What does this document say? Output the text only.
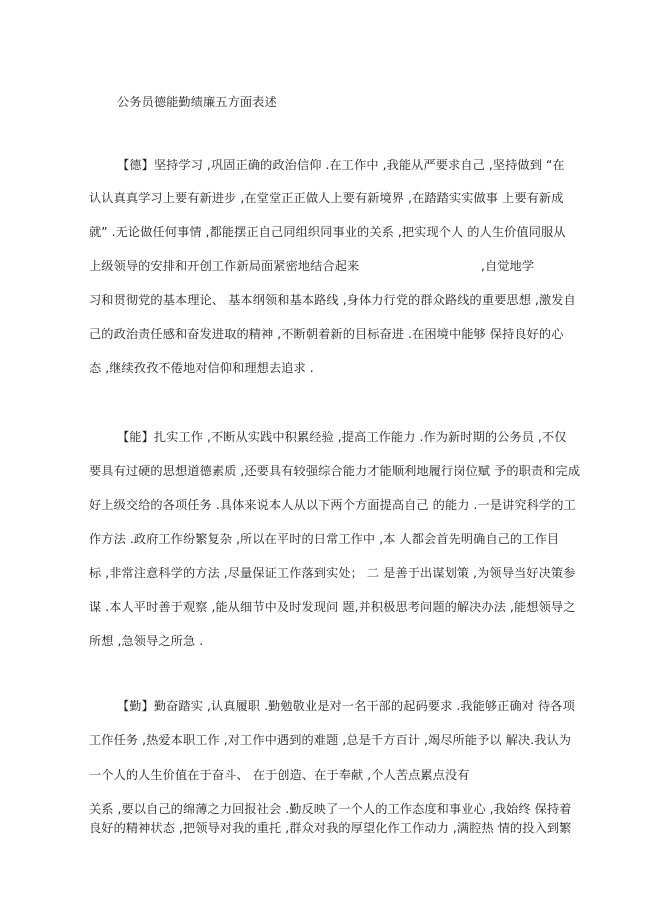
公务员德能勤绩廉五方面表述
【德】坚持学习 ,巩固正确的政治信仰 .在工作中 ,我能从严要求自己 ,坚持做到 “在
认认真真学习上要有新进步 ,在堂堂正正做人上要有新境界 ,在踏踏实实做事 上要有新成
就” .无论做任何事情 ,都能摆正自己同组织同事业的关系 ,把实现个人 的人生价值同服从
上级领导的安排和开创工作新局面紧密地结合起来	,自觉地学
习和贯彻党的基本理论、 基本纲领和基本路线 ,身体力行党的群众路线的重要思想 ,激发自
己的政治责任感和奋发进取的精神 ,不断朝着新的目标奋进 .在困境中能够 保持良好的心
态 ,继续孜孜不倦地对信仰和理想去追求 .
【能】扎实工作 ,不断从实践中积累经验 ,提高工作能力 .作为新时期的公务员 ,不仅
要具有过硬的思想道德素质 ,还要具有较强综合能力才能顺利地履行岗位赋 予的职责和完成
好上级交给的各项任务 .具体来说本人从以下两个方面提高自己 的能力 .一是讲究科学的工
作方法 .政府工作纷繁复杂 ,所以在平时的日常工作中 ,本 人都会首先明确自己的工作目
标 ,非常注意科学的方法 ,尽量保证工作落到实处； 二 是善于出谋划策 ,为领导当好决策参
谋 .本人平时善于观察 ,能从细节中及时发现问 题,并积极思考问题的解决办法 ,能想领导之
所想 ,急领导之所急 .
【勤】勤奋踏实 ,认真履职 .勤勉敬业是对一名干部的起码要求 .我能够正确对 待各项
工作任务 ,热爱本职工作 ,对工作中遇到的难题 ,总是千方百计 ,竭尽所能予以 解决.我认为
一个人的人生价值在于奋斗、 在于创造、在于奉献 ,个人苦点累点没有
关系 ,要以自己的绵薄之力回报社会 .勤反映了一个人的工作态度和事业心 ,我始终 保持着
良好的精神状态 ,把领导对我的重托 ,群众对我的厚望化作工作动力 ,满腔热 情的投入到繁
